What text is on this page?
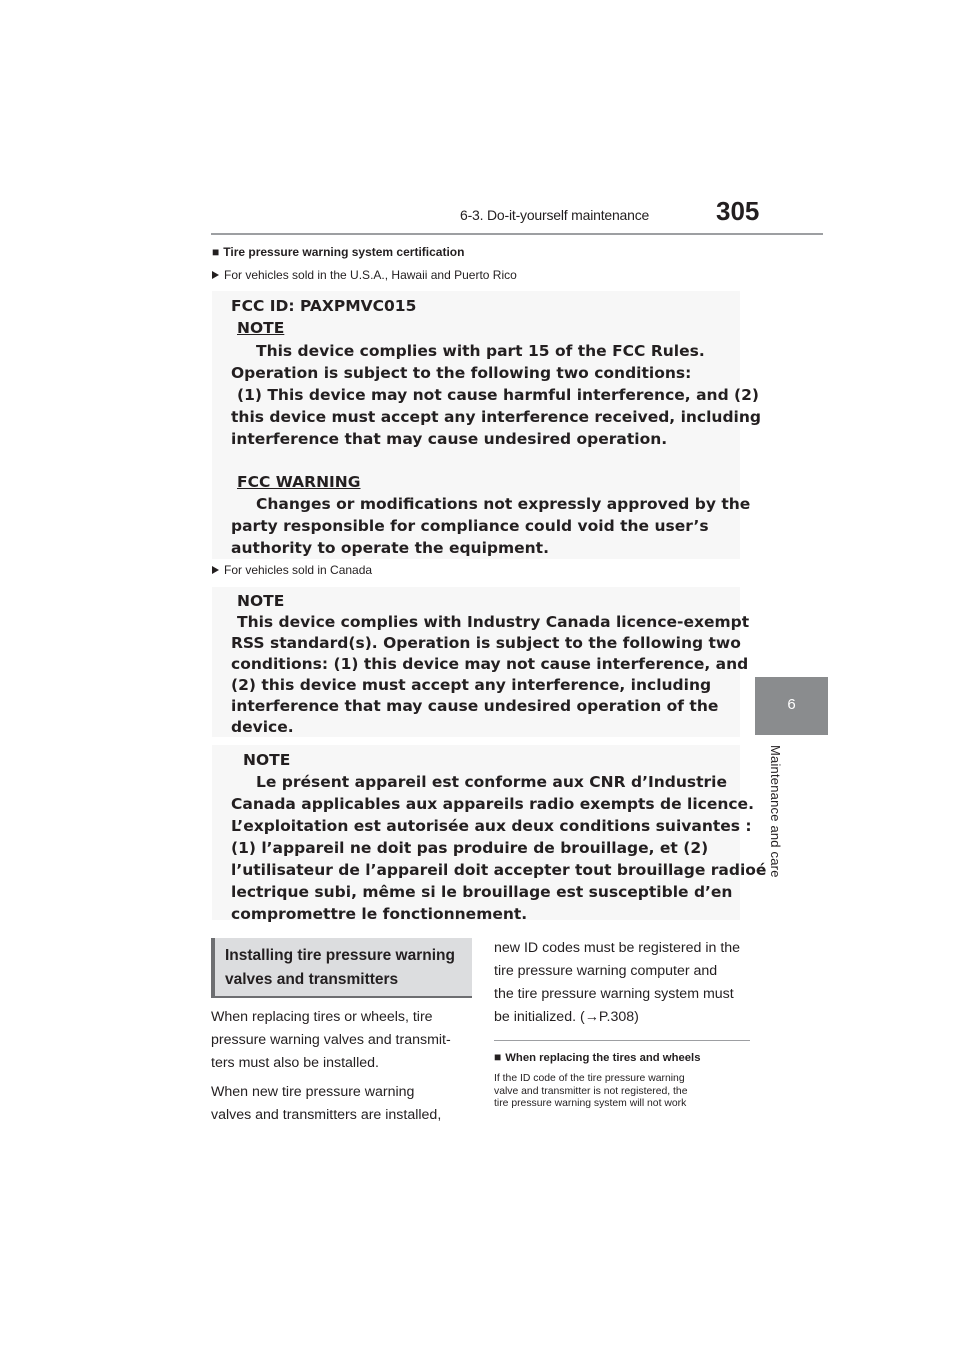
6-3. Do-it-yourself maintenance	305
6
Maintenance and care
■ Tire pressure warning system certification
For vehicles sold in the U.S.A., Hawaii and Puerto Rico
FCC ID: PAXPMVC015
NOTE
This device complies with part 15 of the FCC Rules.
Operation is subject to the following two conditions:
(1) This device may not cause harmful interference, and (2)
this device must accept any interference received, including
interference that may cause undesired operation.
FCC WARNING
Changes or modifications not expressly approved by the
party responsible for compliance could void the user’s
authority to operate the equipment.
For vehicles sold in Canada
NOTE
This device complies with Industry Canada licence-exempt
RSS standard(s). Operation is subject to the following two
conditions: (1) this device may not cause interference, and
(2) this device must accept any interference, including
interference that may cause undesired operation of the
device.
NOTE
Le présent appareil est conforme aux CNR d’Industrie
Canada applicables aux appareils radio exempts de licence.
L’exploitation est autorisée aux deux conditions suivantes :
(1) l’appareil ne doit pas produire de brouillage, et (2)
l’utilisateur de l’appareil doit accepter tout brouillage radioé
lectrique subi, même si le brouillage est susceptible d’en
compromettre le fonctionnement.
Installing tire pressure warning
valves and transmitters
When replacing tires or wheels, tire
pressure warning valves and transmit-
ters must also be installed.
When new tire pressure warning
valves and transmitters are installed,
new ID codes must be registered in the
tire pressure warning computer and
the tire pressure warning system must
be initialized. (→P.308)
■ When replacing the tires and wheels
If the ID code of the tire pressure warning
valve and transmitter is not registered, the
tire pressure warning system will not work
